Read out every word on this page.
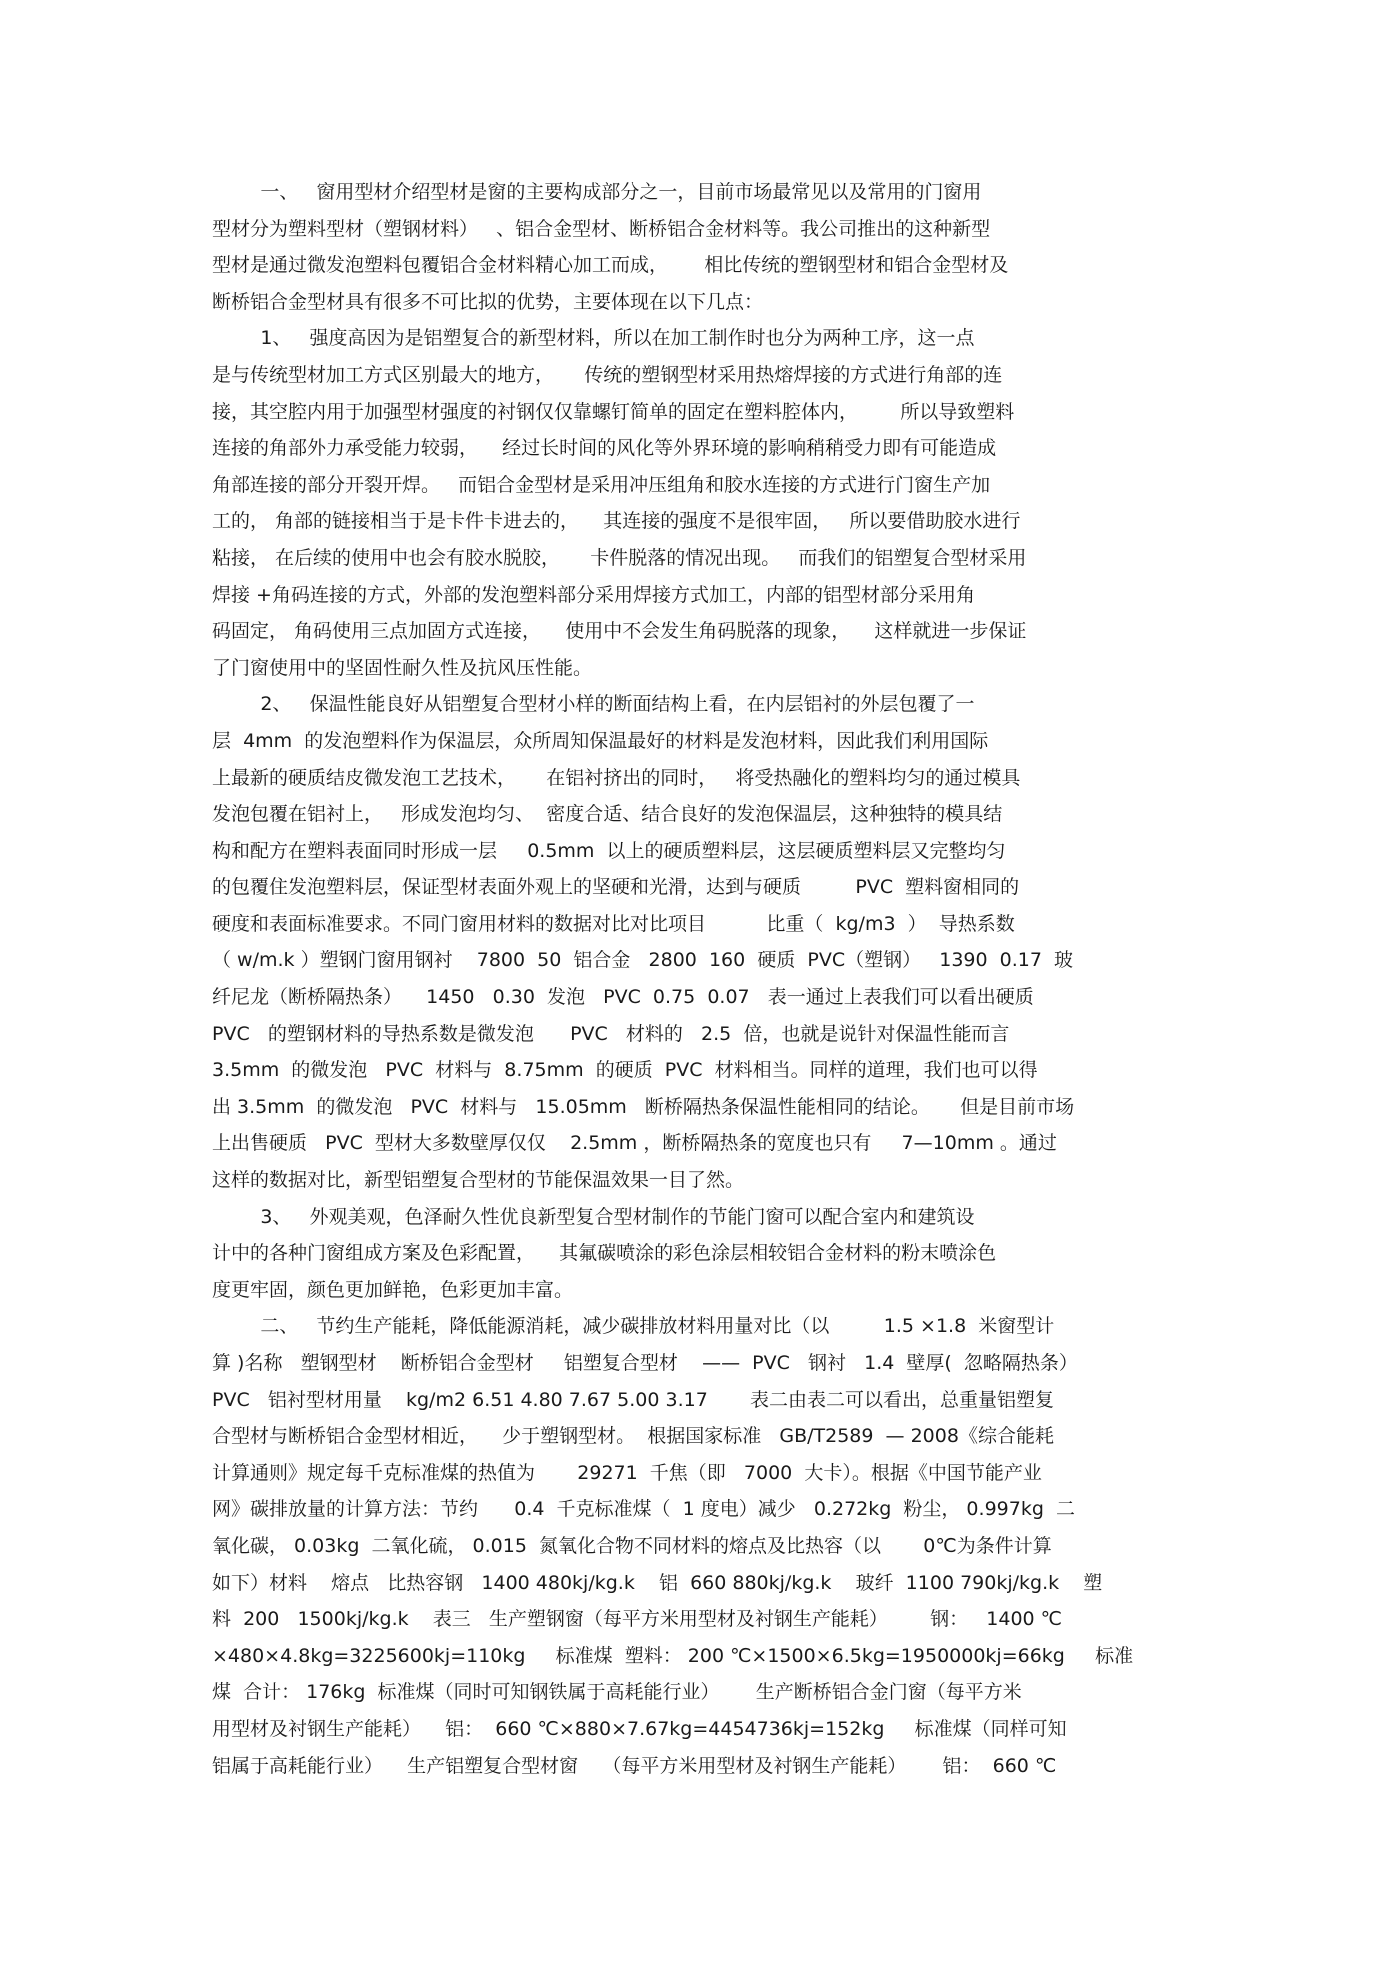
一、   窗用型材介绍型材是窗的主要构成部分之一，目前市场最常见以及常用的门窗用
型材分为塑料型材（塑钢材料）   、铝合金型材、断桥铝合金材料等。我公司推出的这种新型
型材是通过微发泡塑料包覆铝合金材料精心加工而成，      相比传统的塑钢型材和铝合金型材及
断桥铝合金型材具有很多不可比拟的优势，主要体现在以下几点：
1、   强度高因为是铝塑复合的新型材料，所以在加工制作时也分为两种工序，这一点
是与传统型材加工方式区别最大的地方，     传统的塑钢型材采用热熔焊接的方式进行角部的连
接，其空腔内用于加强型材强度的衬钢仅仅靠螺钉简单的固定在塑料腔体内，       所以导致塑料
连接的角部外力承受能力较弱，    经过长时间的风化等外界环境的影响稍稍受力即有可能造成
角部连接的部分开裂开焊。   而铝合金型材是采用冲压组角和胶水连接的方式进行门窗生产加
工的， 角部的链接相当于是卡件卡进去的，    其连接的强度不是很牢固，   所以要借助胶水进行
粘接， 在后续的使用中也会有胶水脱胶，     卡件脱落的情况出现。   而我们的铝塑复合型材采用
焊接 +角码连接的方式，外部的发泡塑料部分采用焊接方式加工，内部的铝型材部分采用角
码固定， 角码使用三点加固方式连接，    使用中不会发生角码脱落的现象，    这样就进一步保证
了门窗使用中的坚固性耐久性及抗风压性能。
2、   保温性能良好从铝塑复合型材小样的断面结构上看，在内层铝衬的外层包覆了一
层  4mm  的发泡塑料作为保温层，众所周知保温最好的材料是发泡材料，因此我们利用国际
上最新的硬质结皮微发泡工艺技术，     在铝衬挤出的同时，   将受热融化的塑料均匀的通过模具
发泡包覆在铝衬上，   形成发泡均匀、  密度合适、结合良好的发泡保温层，这种独特的模具结
构和配方在塑料表面同时形成一层     0.5mm  以上的硬质塑料层，这层硬质塑料层又完整均匀
的包覆住发泡塑料层，保证型材表面外观上的坚硬和光滑，达到与硬质         PVC  塑料窗相同的
硬度和表面标准要求。不同门窗用材料的数据对比对比项目          比重（  kg/m3  ）  导热系数
（ w/m.k ）塑钢门窗用钢衬    7800  50  铝合金   2800  160  硬质  PVC（塑钢）   1390  0.17  玻
纤尼龙（断桥隔热条）    1450   0.30  发泡   PVC  0.75  0.07   表一通过上表我们可以看出硬质
PVC   的塑钢材料的导热系数是微发泡      PVC   材料的   2.5  倍，也就是说针对保温性能而言
3.5mm  的微发泡   PVC  材料与  8.75mm  的硬质  PVC  材料相当。同样的道理，我们也可以得
出 3.5mm  的微发泡   PVC  材料与   15.05mm   断桥隔热条保温性能相同的结论。     但是目前市场
上出售硬质   PVC  型材大多数壁厚仅仅    2.5mm ，断桥隔热条的宽度也只有     7—10mm 。通过
这样的数据对比，新型铝塑复合型材的节能保温效果一目了然。
3、   外观美观，色泽耐久性优良新型复合型材制作的节能门窗可以配合室内和建筑设
计中的各种门窗组成方案及色彩配置，    其氟碳喷涂的彩色涂层相较铝合金材料的粉末喷涂色
度更牢固，颜色更加鲜艳，色彩更加丰富。
二、   节约生产能耗，降低能源消耗，减少碳排放材料用量对比（以         1.5 ×1.8  米窗型计
算 )名称   塑钢型材    断桥铝合金型材     铝塑复合型材    ——  PVC   钢衬   1.4  壁厚(  忽略隔热条）
PVC   铝衬型材用量    kg/m2 6.51 4.80 7.67 5.00 3.17       表二由表二可以看出，总重量铝塑复
合型材与断桥铝合金型材相近，    少于塑钢型材。  根据国家标准   GB/T2589  — 2008《综合能耗
计算通则》规定每千克标准煤的热值为       29271  千焦（即   7000  大卡）。根据《中国节能产业
网》碳排放量的计算方法：节约      0.4  千克标准煤（  1 度电）减少   0.272kg  粉尘， 0.997kg  二
氧化碳， 0.03kg  二氧化硫， 0.015  氮氧化合物不同材料的熔点及比热容（以       0℃为条件计算
如下）材料    熔点   比热容钢   1400 480kj/kg.k    铝  660 880kj/kg.k    玻纤  1100 790kj/kg.k    塑
料  200   1500kj/kg.k    表三   生产塑钢窗（每平方米用型材及衬钢生产能耗）       钢：   1400 ℃
×480×4.8kg=3225600kj=110kg     标准煤  塑料： 200 ℃×1500×6.5kg=1950000kj=66kg     标准
煤  合计： 176kg  标准煤（同时可知钢铁属于高耗能行业）      生产断桥铝合金门窗（每平方米
用型材及衬钢生产能耗）    铝：  660 ℃×880×7.67kg=4454736kj=152kg     标准煤（同样可知
铝属于高耗能行业）    生产铝塑复合型材窗    （每平方米用型材及衬钢生产能耗）      铝：  660 ℃
